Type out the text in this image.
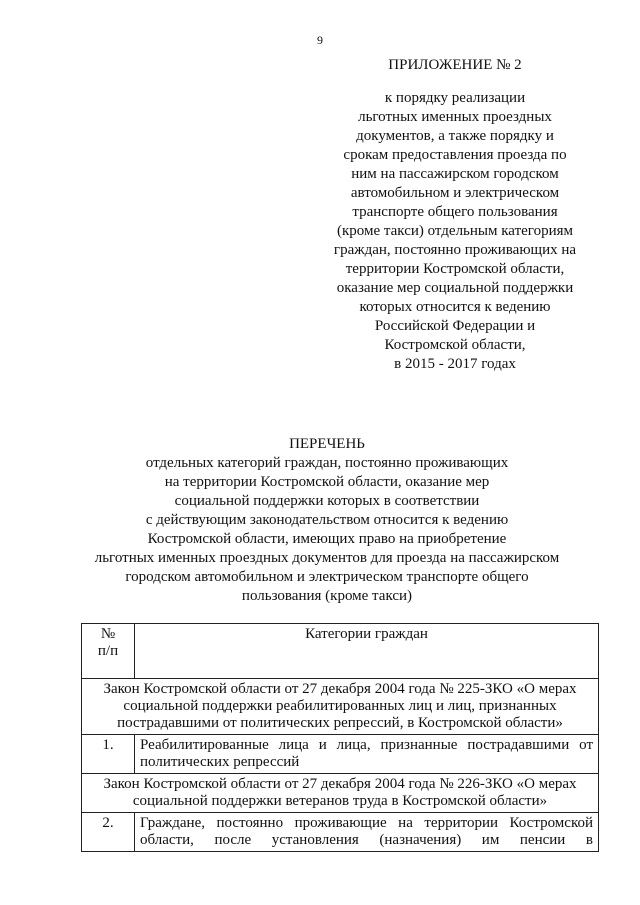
9
ПРИЛОЖЕНИЕ № 2
к порядку реализации
льготных именных проездных
документов, а также порядку и
срокам предоставления проезда по
ним на пассажирском городском
автомобильном и электрическом
транспорте общего пользования
(кроме такси) отдельным категориям
граждан, постоянно проживающих на
территории Костромской области,
оказание мер социальной поддержки
которых относится к ведению
Российской Федерации и
Костромской области,
в 2015 - 2017 годах
ПЕРЕЧЕНЬ
отдельных категорий граждан, постоянно проживающих
на территории Костромской области, оказание мер
социальной поддержки которых в соответствии
с действующим законодательством относится к ведению
Костромской области, имеющих право на приобретение
льготных именных проездных документов для проезда на пассажирском
городском автомобильном и электрическом транспорте общего
пользования (кроме такси)
№
п/п	Категории граждан
Закон Костромской области от 27 декабря 2004 года № 225-ЗКО «О мерах социальной поддержки реабилитированных лиц и лиц, признанных пострадавшими от политических репрессий, в Костромской области»	
1.	Реабилитированные лица и лица, признанные пострадавшими от политических репрессий
Закон Костромской области от 27 декабря 2004 года № 226-ЗКО «О мерах социальной поддержки ветеранов труда в Костромской области»	
2.	Граждане, постоянно проживающие на территории Костромской области, после установления (назначения) им пенсии в
